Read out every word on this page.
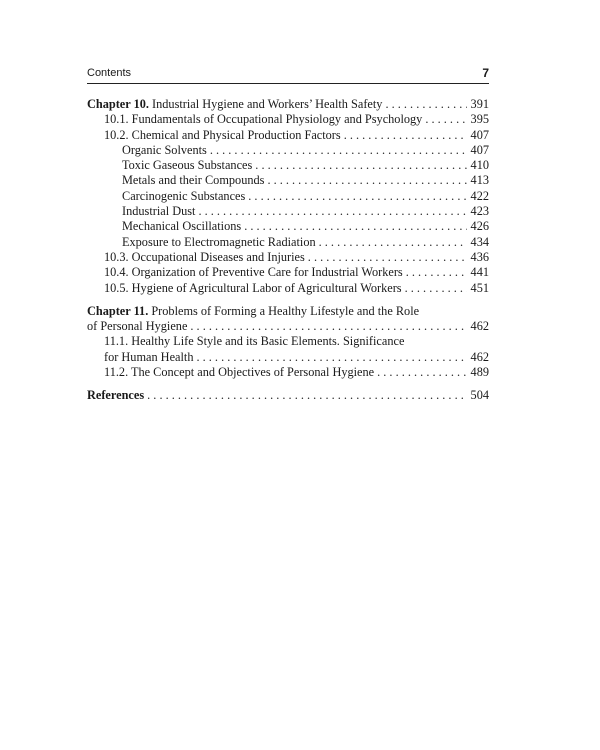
Contents	7
Chapter 10. Industrial Hygiene and Workers’ Health Safety . . .	391
10.1. Fundamentals of Occupational Physiology and Psychology . . .	395
10.2. Chemical and Physical Production Factors . . .	407
Organic Solvents . . .	407
Toxic Gaseous Substances . . .	410
Metals and their Compounds . . .	413
Carcinogenic Substances . . .	422
Industrial Dust . . .	423
Mechanical Oscillations . . .	426
Exposure to Electromagnetic Radiation . . .	434
10.3. Occupational Diseases and Injuries . . .	436
10.4. Organization of Preventive Care for Industrial Workers . . .	441
10.5. Hygiene of Agricultural Labor of Agricultural Workers . . .	451
Chapter 11. Problems of Forming a Healthy Lifestyle and the Role
of Personal Hygiene . . .	462
11.1. Healthy Life Style and its Basic Elements. Significance
for Human Health . . .	462
11.2. The Concept and Objectives of Personal Hygiene . . .	489
References . . .	504
